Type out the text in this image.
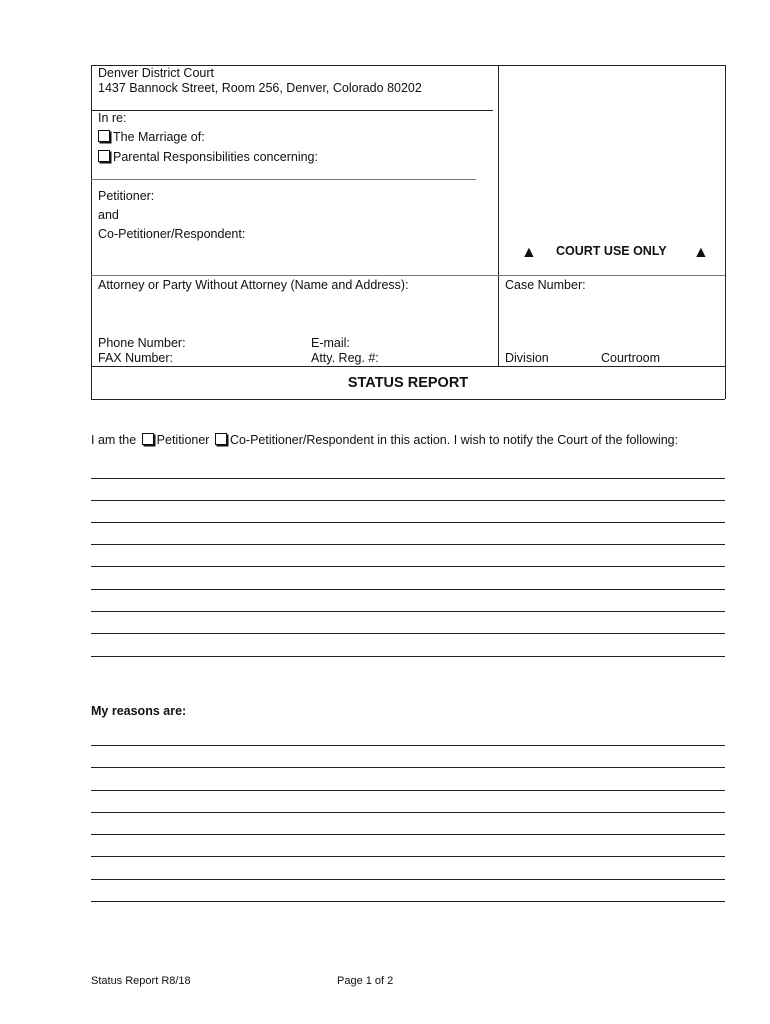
Denver District Court
1437 Bannock Street, Room 256, Denver, Colorado 80202
In re:
The Marriage of:
Parental Responsibilities concerning:
Petitioner:
and
Co-Petitioner/Respondent:
▲ COURT USE ONLY ▲
Attorney or Party Without Attorney (Name and Address):
Phone Number:
FAX Number:
E-mail:
Atty. Reg. #:
Case Number:
Division	Courtroom
STATUS REPORT
I am the Petitioner Co-Petitioner/Respondent in this action. I wish to notify the Court of the following:
My reasons are:
Status Report R8/18	Page 1 of 2
